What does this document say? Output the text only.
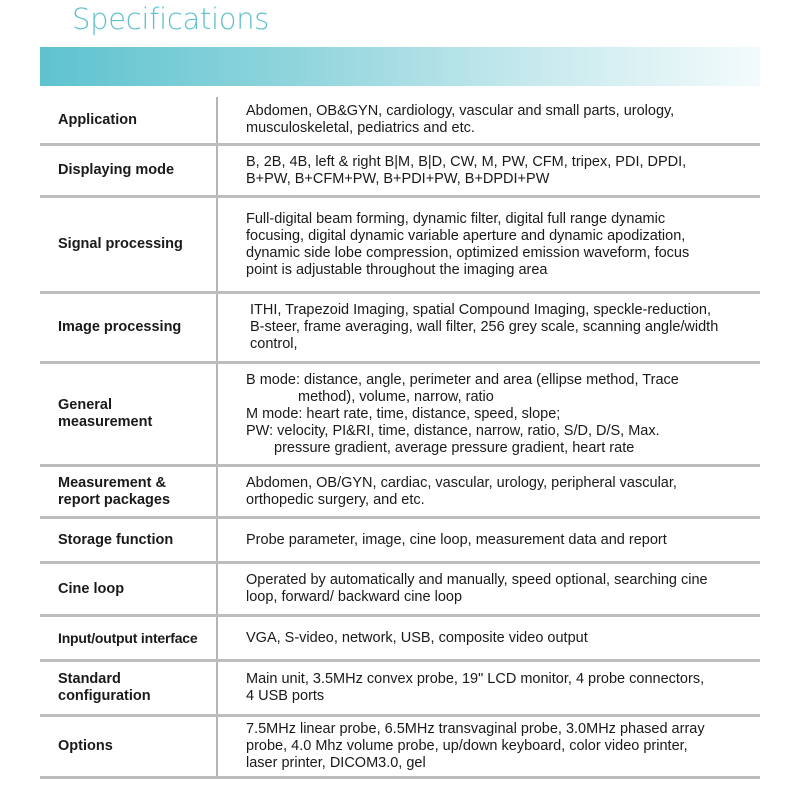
Specifications
Application
Abdomen, OB&GYN, cardiology, vascular and small parts, urology,
musculoskeletal, pediatrics and etc.
Displaying mode
B, 2B, 4B, left & right B|M, B|D, CW, M, PW, CFM, tripex, PDI, DPDI,
B+PW, B+CFM+PW, B+PDI+PW, B+DPDI+PW
Signal processing
Full-digital beam forming, dynamic filter, digital full range dynamic
focusing, digital dynamic variable aperture and dynamic apodization,
dynamic side lobe compression, optimized emission waveform, focus
point is adjustable throughout the imaging area
Image processing
ITHI, Trapezoid Imaging, spatial Compound Imaging, speckle-reduction,
B-steer, frame averaging, wall filter, 256 grey scale, scanning angle/width
control,
General
measurement
B mode: distance, angle, perimeter and area (ellipse method, Trace
method), volume, narrow, ratio
M mode: heart rate, time, distance, speed, slope;
PW: velocity, PI&RI, time, distance, narrow, ratio, S/D, D/S, Max.
pressure gradient, average pressure gradient, heart rate
Measurement &
report packages
Abdomen, OB/GYN, cardiac, vascular, urology, peripheral vascular,
orthopedic surgery, and etc.
Storage function	Probe parameter, image, cine loop, measurement data and report
Cine loop
Operated by automatically and manually, speed optional, searching cine
loop, forward/ backward cine loop
Input/output interface	VGA, S-video, network, USB, composite video output
Standard
configuration
Main unit, 3.5MHz convex probe, 19" LCD monitor, 4 probe connectors,
4 USB ports
Options
7.5MHz linear probe, 6.5MHz transvaginal probe, 3.0MHz phased array
probe, 4.0 Mhz volume probe, up/down keyboard, color video printer,
laser printer, DICOM3.0, gel
